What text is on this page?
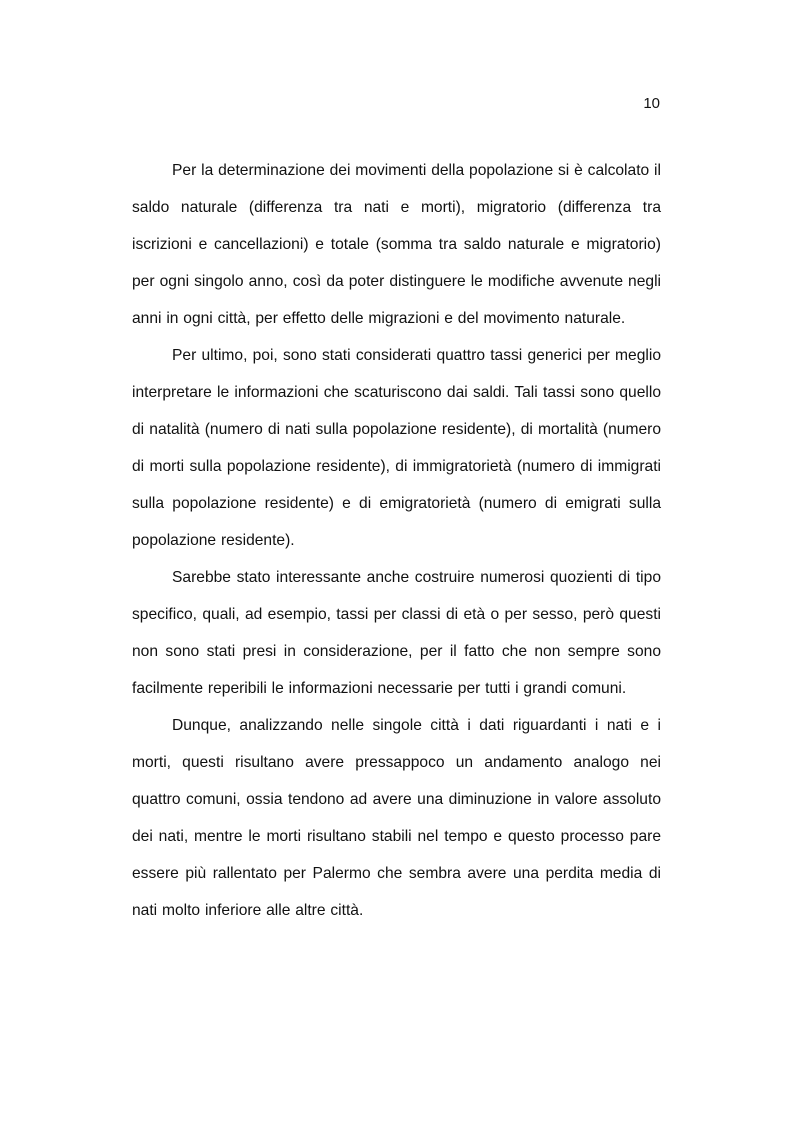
10

Per la determinazione dei movimenti della popolazione si è calcolato il saldo naturale (differenza tra nati e morti), migratorio (differenza tra iscrizioni e cancellazioni) e totale (somma tra saldo naturale e migratorio) per ogni singolo anno, così da poter distinguere le modifiche avvenute negli anni in ogni città, per effetto delle migrazioni e del movimento naturale.

Per ultimo, poi, sono stati considerati quattro tassi generici per meglio interpretare le informazioni che scaturiscono dai saldi. Tali tassi sono quello di natalità (numero di nati sulla popolazione residente), di mortalità (numero di morti sulla popolazione residente), di immigratorietà (numero di immigrati sulla popolazione residente) e di emigratorietà (numero di emigrati sulla popolazione residente).

Sarebbe stato interessante anche costruire numerosi quozienti di tipo specifico, quali, ad esempio, tassi per classi di età o per sesso, però questi non sono stati presi in considerazione, per il fatto che non sempre sono facilmente reperibili le informazioni necessarie per tutti i grandi comuni.

Dunque, analizzando nelle singole città i dati riguardanti i nati e i morti, questi risultano avere pressappoco un andamento analogo nei quattro comuni, ossia tendono ad avere una diminuzione in valore assoluto dei nati, mentre le morti risultano stabili nel tempo e questo processo pare essere più rallentato per Palermo che sembra avere una perdita media di nati molto inferiore alle altre città.
